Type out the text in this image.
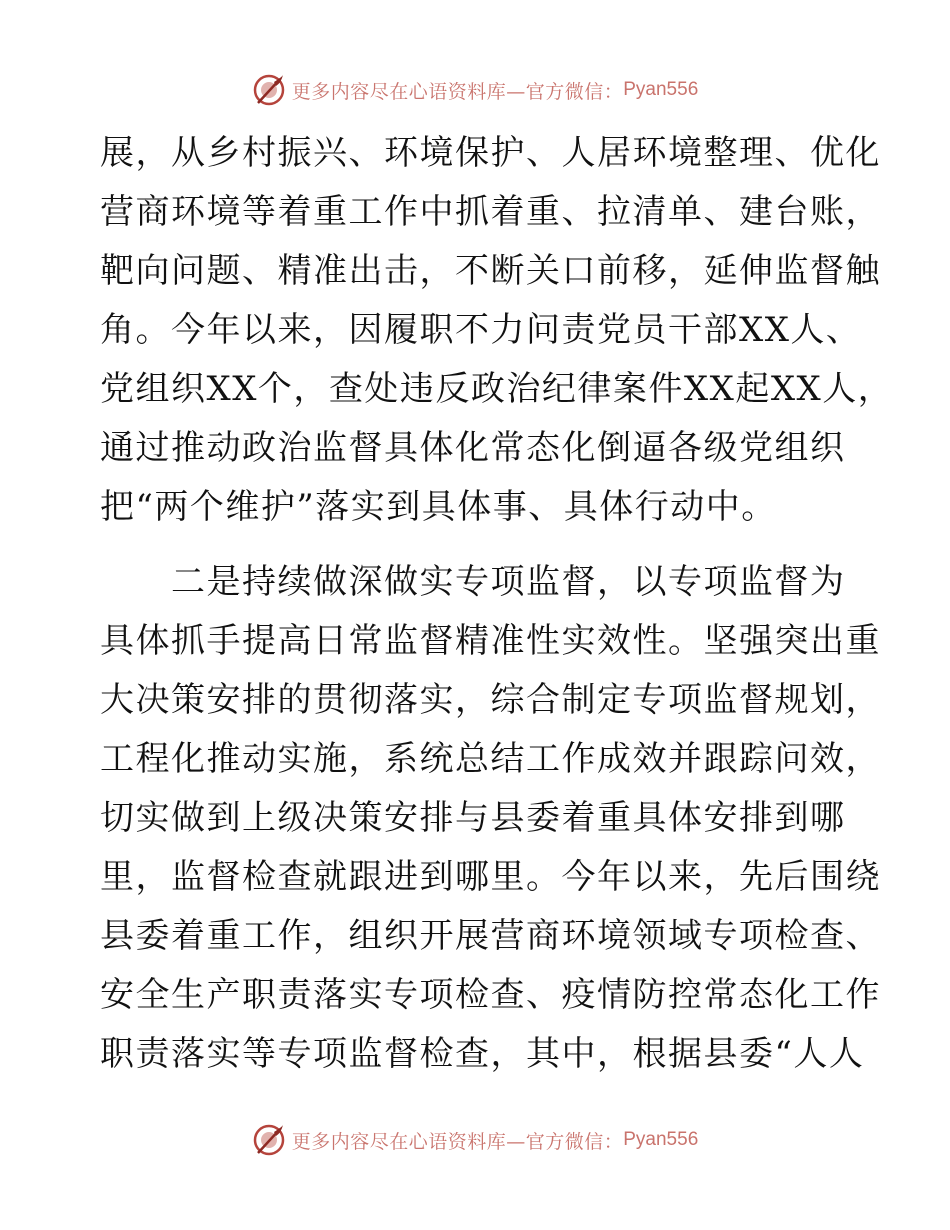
更多内容尽在心语资料库—官方微信： Pyan556
展，从乡村振兴、环境保护、人居环境整理、优化
营商环境等着重工作中抓着重、拉清单、建台账，
靶向问题、精准出击，不断关口前移，延伸监督触
角。今年以来，因履职不力问责党员干部XX人、
党组织XX个，查处违反政治纪律案件XX起XX人，
通过推动政治监督具体化常态化倒逼各级党组织
把“两个维护”落实到具体事、具体行动中。
　　二是持续做深做实专项监督，以专项监督为
具体抓手提高日常监督精准性实效性。坚强突出重
大决策安排的贯彻落实，综合制定专项监督规划，
工程化推动实施，系统总结工作成效并跟踪问效，
切实做到上级决策安排与县委着重具体安排到哪
里，监督检查就跟进到哪里。今年以来，先后围绕
县委着重工作，组织开展营商环境领域专项检查、
安全生产职责落实专项检查、疫情防控常态化工作
职责落实等专项监督检查，其中，根据县委“人人
更多内容尽在心语资料库—官方微信： Pyan556
